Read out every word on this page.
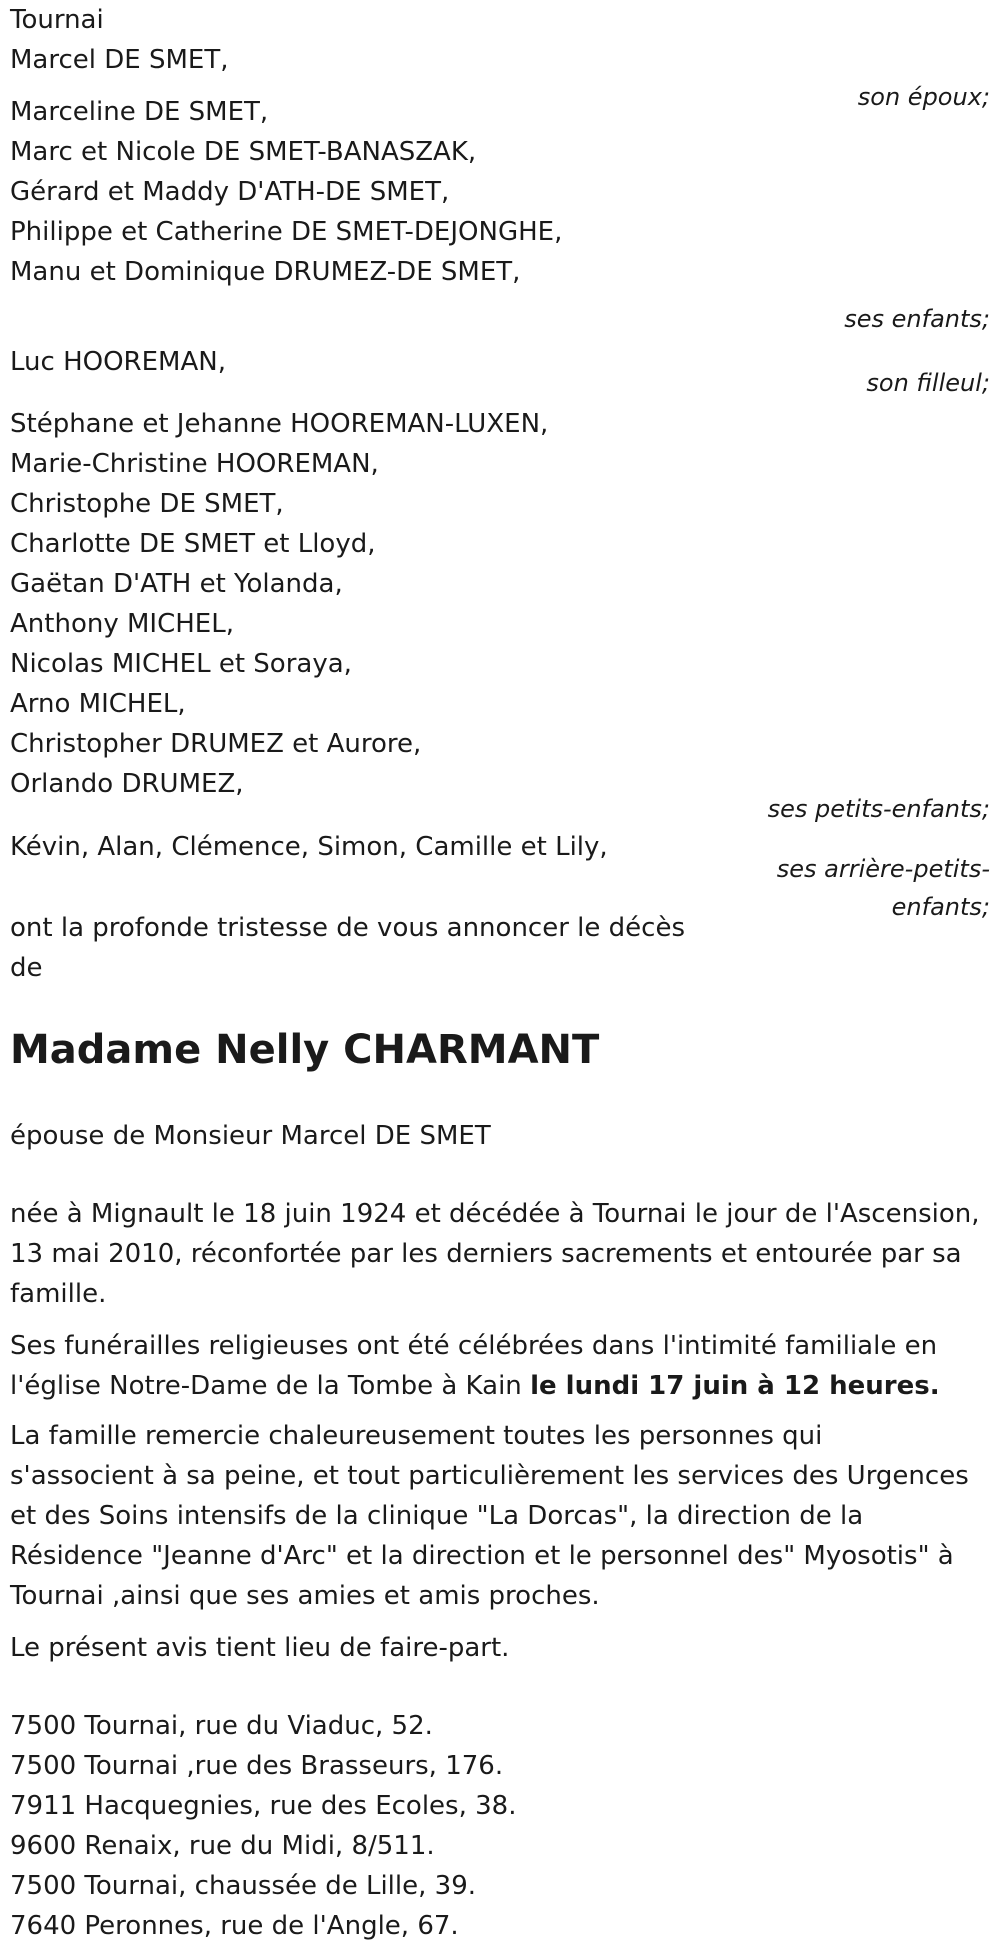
Tournai
Marcel DE SMET,
son époux;
Marceline DE SMET,
Marc et Nicole DE SMET-BANASZAK,
Gérard et Maddy D'ATH-DE SMET,
Philippe et Catherine DE SMET-DEJONGHE,
Manu et Dominique DRUMEZ-DE SMET,
ses enfants;
Luc HOOREMAN,
son filleul;
Stéphane et Jehanne HOOREMAN-LUXEN,
Marie-Christine HOOREMAN,
Christophe DE SMET,
Charlotte DE SMET et Lloyd,
Gaëtan D'ATH et Yolanda,
Anthony MICHEL,
Nicolas MICHEL et Soraya,
Arno MICHEL,
Christopher DRUMEZ et Aurore,
Orlando DRUMEZ,
ses petits-enfants;
Kévin, Alan, Clémence, Simon, Camille et Lily,
ses arrière-petits-enfants;
ont la profonde tristesse de vous annoncer le décès
de
Madame Nelly CHARMANT
épouse de Monsieur Marcel DE SMET
née à Mignault le 18 juin 1924 et décédée à Tournai le jour de l'Ascension,
13 mai 2010, réconfortée par les derniers sacrements et entourée par sa
famille.
Ses funérailles religieuses ont été célébrées dans l'intimité familiale en
l'église Notre-Dame de la Tombe à Kain le lundi 17 juin à 12 heures.
La famille remercie chaleureusement toutes les personnes qui
s'associent à sa peine, et tout particulièrement les services des Urgences
et des Soins intensifs de la clinique "La Dorcas", la direction de la
Résidence "Jeanne d'Arc" et la direction et le personnel des" Myosotis" à
Tournai ,ainsi que ses amies et amis proches.
Le présent avis tient lieu de faire-part.
7500 Tournai, rue du Viaduc, 52.
7500 Tournai ,rue des Brasseurs, 176.
7911 Hacquegnies, rue des Ecoles, 38.
9600 Renaix, rue du Midi, 8/511.
7500 Tournai, chaussée de Lille, 39.
7640 Peronnes, rue de l'Angle, 67.
